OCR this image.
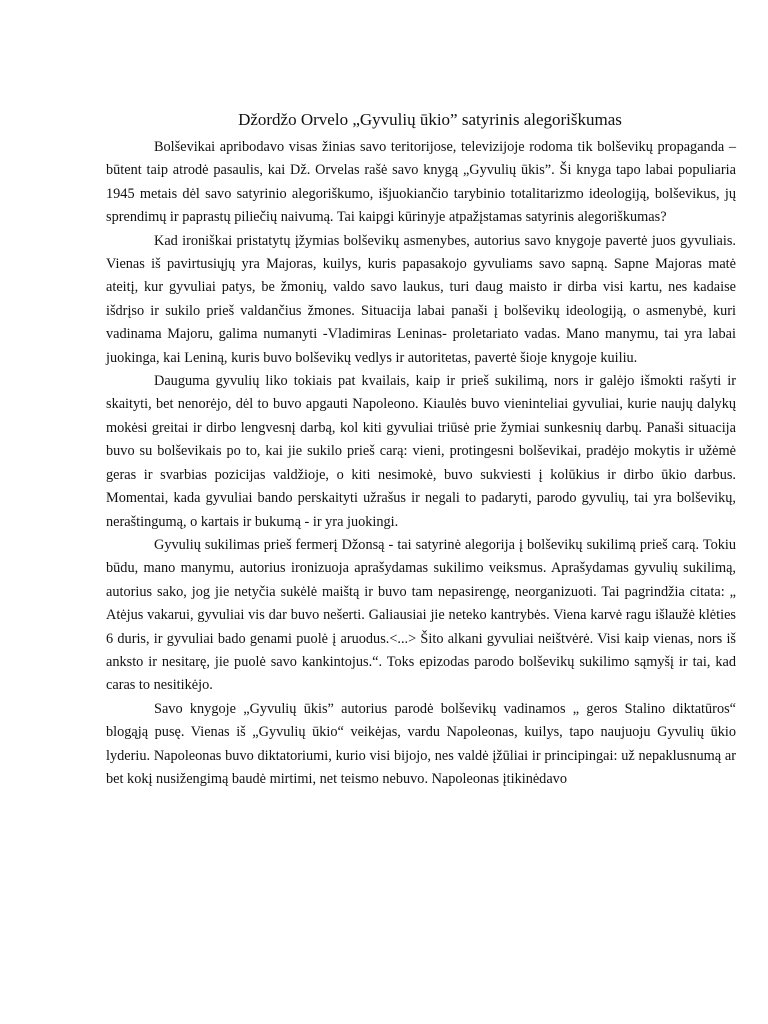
Džordžo Orvelo „Gyvulių ūkio” satyrinis alegoriškumas

Bolševikai apribodavo visas žinias savo teritorijose, televizijoje rodoma tik bolševikų propaganda – būtent taip atrodė pasaulis, kai Dž. Orvelas rašė savo knygą „Gyvulių ūkis”. Ši knyga tapo labai populiaria 1945 metais dėl savo satyrinio alegoriškumo, išjuokiančio tarybinio totalitarizmo ideologiją, bolševikus, jų sprendimų ir paprastų piliečių naivumą. Tai kaipgi kūrinyje atpažįstamas satyrinis alegoriškumas?

Kad ironiškai pristatytų įžymias bolševikų asmenybes, autorius savo knygoje pavertė juos gyvuliais. Vienas iš pavirtusiųjų yra Majoras, kuilys, kuris papasakojo gyvuliams savo sapną. Sapne Majoras matė ateitį, kur gyvuliai patys, be žmonių, valdo savo laukus, turi daug maisto ir dirba visi kartu, nes kadaise išdrįso ir sukilo prieš valdančius žmones. Situacija labai panaši į bolševikų ideologiją, o asmenybė, kuri vadinama Majoru, galima numanyti -Vladimiras Leninas- proletariato vadas. Mano manymu, tai yra labai juokinga, kai Leniną, kuris buvo bolševikų vedlys ir autoritetas, pavertė šioje knygoje kuiliu.

Dauguma gyvulių liko tokiais pat kvailais, kaip ir prieš sukilimą, nors ir galėjo išmokti rašyti ir skaityti, bet nenorėjo, dėl to buvo apgauti Napoleono. Kiaulės buvo vieninteliai gyvuliai, kurie naujų dalykų mokėsi greitai ir dirbo lengvesnį darbą, kol kiti gyvuliai triūsė prie žymiai sunkesnių darbų. Panaši situacija buvo su bolševikais po to, kai jie sukilo prieš carą: vieni, protingesni bolševikai, pradėjo mokytis ir užėmė geras ir svarbias pozicijas valdžioje, o kiti nesimokė, buvo sukviesti į kolūkius ir dirbo ūkio darbus. Momentai, kada gyvuliai bando perskaityti užrašus ir negali to padaryti, parodo gyvulių, tai yra bolševikų, neraštingumą, o kartais ir bukumą - ir yra juokingi.

Gyvulių sukilimas prieš fermerį Džonsą - tai satyrinė alegorija į bolševikų sukilimą prieš carą. Tokiu būdu, mano manymu, autorius ironizuoja aprašydamas sukilimo veiksmus. Aprašydamas gyvulių sukilimą, autorius sako, jog jie netyčia sukėlė maištą ir buvo tam nepasirengę, neorganizuoti. Tai pagrindžia citata: „ Atėjus vakarui, gyvuliai vis dar buvo nešerti. Galiausiai jie neteko kantrybės. Viena karvė ragu išlaužė klėties 6 duris, ir gyvuliai bado genami puolė į aruodus.<...> Šito alkani gyvuliai neištvėrė. Visi kaip vienas, nors iš anksto ir nesitarę, jie puolė savo kankintojus.“. Toks epizodas parodo bolševikų sukilimo sąmyšį ir tai, kad caras to nesitikėjo.

Savo knygoje „Gyvulių ūkis” autorius parodė bolševikų vadinamos „ geros Stalino diktatūros“ blogąją pusę. Vienas iš „Gyvulių ūkio“ veikėjas, vardu Napoleonas, kuilys, tapo naujuoju Gyvulių ūkio lyderiu. Napoleonas buvo diktatoriumi, kurio visi bijojo, nes valdė įžūliai ir principingai: už nepaklusnumą ar bet kokį nusižengimą baudė mirtimi, net teismo nebuvo. Napoleonas įtikinėdavo
